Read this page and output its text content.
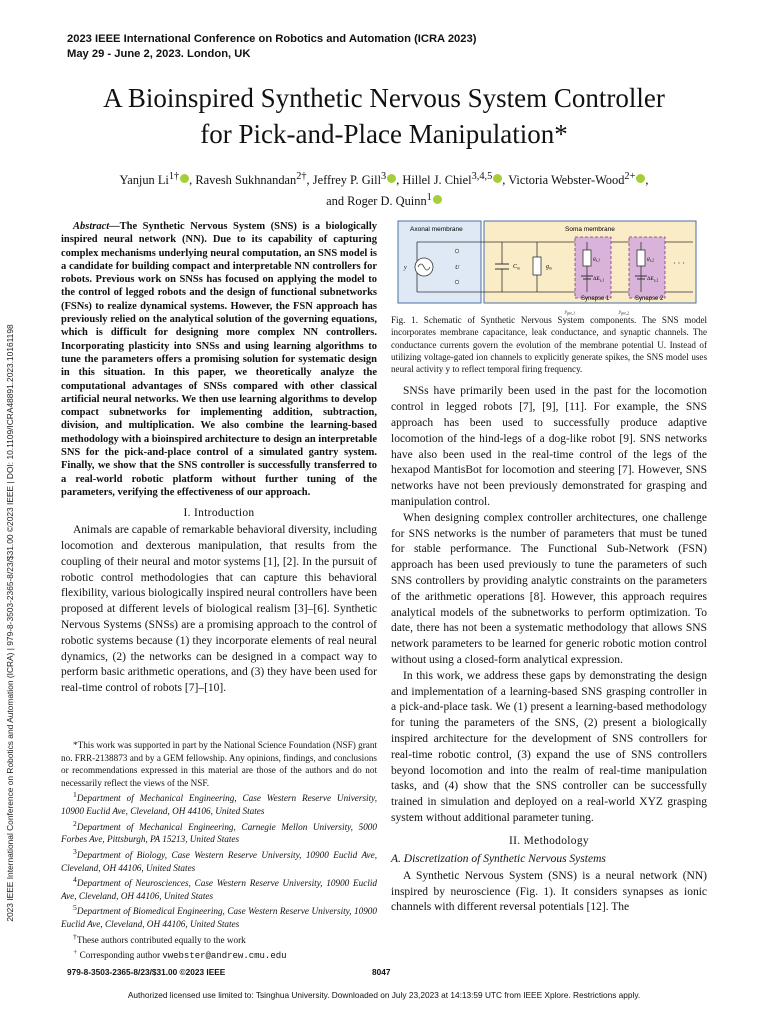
2023 IEEE International Conference on Robotics and Automation (ICRA 2023)
May 29 - June 2, 2023. London, UK
A Bioinspired Synthetic Nervous System Controller
for Pick-and-Place Manipulation*
Yanjun $Li^{1\dagger}$ , Ravesh Sukhnandan$^{2\dagger}$, Jeffrey P. Gill$^3$ , Hillel J. Chiel$^{3,4,5}$ , Victoria Webster-Wood$^{2+}$ ,
and Roger D. Quinn$^1$
2023 IEEE International Conference on Robotics and Automation (ICRA) | 979-8-3503-2365-8/23/$31.00 ©2023 IEEE | DOI: 10.1109/ICRA48891.2023.10161198

Abstract—The Synthetic Nervous System (SNS) is a biologically inspired neural network (NN). Due to its capability of capturing complex mechanisms underlying neural computation, an SNS model is a candidate for building compact and interpretable NN controllers for robots. Previous work on SNSs has focused on applying the model to the control of legged robots and the design of functional subnetworks (FSNs) to realize dynamical systems. However, the FSN approach has previously relied on the analytical solution of the governing equations, which is difficult for designing more complex NN controllers. Incorporating plasticity into SNSs and using learning algorithms to tune the parameters offers a promising solution for systematic design in this situation. In this paper, we theoretically analyze the computational advantages of SNSs compared with other classical artificial neural networks. We then use learning algorithms to develop compact subnetworks for implementing addition, subtraction, division, and multiplication. We also combine the learning-based methodology with a bioinspired architecture to design an interpretable SNS for the pick-and-place control of a simulated gantry system. Finally, we show that the SNS controller is successfully transferred to a real-world robotic platform without further tuning of the parameters, verifying the effectiveness of our approach.

I. Introduction

Animals are capable of remarkable behavioral diversity, including locomotion and dexterous manipulation, that results from the coupling of their neural and motor systems [1], [2]. In the pursuit of robotic control methodologies that can capture this behavioral flexibility, various biologically inspired neural controllers have been proposed at different levels of biological realism [3]–[6]. Synthetic Nervous Systems (SNSs) are a promising approach to the control of robotic systems because (1) they incorporate elements of real neural dynamics, (2) the networks can be designed in a compact way to perform basic arithmetic operations, and (3) they have been used for real-time control of robots [7]–[10].

*This work was supported in part by the National Science Foundation (NSF) grant no. FRR-2138873 and by a GEM fellowship. Any opinions, findings, and conclusions or recommendations expressed in this material are those of the authors and do not necessarily reflect the views of the NSF.

$^1$Department of Mechanical Engineering, Case Western Reserve University, 10900 Euclid Ave, Cleveland, OH 44106, United States

$^2$Department of Mechanical Engineering, Carnegie Mellon University, 5000 Forbes Ave, Pittsburgh, PA 15213, United States

$^3$Department of Biology, Case Western Reserve University, 10900 Euclid Ave, Cleveland, OH 44106, United States

$^4$Department of Neurosciences, Case Western Reserve University, 10900 Euclid Ave, Cleveland, OH 44106, United States

$^5$Department of Biomedical Engineering, Case Western Reserve University, 10900 Euclid Ave, Cleveland, OH 44106, United States

†These authors contributed equally to the work

+ Corresponding author vwebster@andrew.cmu.edu

Axonal membrane	Soma membrane
y	U	$C_m$	$g_m$
$g_{s,1}$
$\Delta E_{s,1}$
$g_{s,2}$
$\Delta E_{s,2}$
· · ·
Synapse 1	Synapse 2
$y_{pre,1}$	$y_{pre,2}$

Fig. 1. Schematic of Synthetic Nervous System components. The SNS model incorporates membrane capacitance, leak conductance, and synaptic channels. The conductance currents govern the evolution of the membrane potential U. Instead of utilizing voltage-gated ion channels to explicitly generate spikes, the SNS model uses neural activity y to reflect temporal firing frequency.

SNSs have primarily been used in the past for the locomotion control in legged robots [7], [9], [11]. For example, the SNS approach has been used to successfully produce adaptive locomotion of the hind-legs of a dog-like robot [9]. SNS networks have also been used in the real-time control of the legs of the hexapod MantisBot for locomotion and steering [7]. However, SNS networks have not been previously demonstrated for grasping and manipulation control.

When designing complex controller architectures, one challenge for SNS networks is the number of parameters that must be tuned for stable performance. The Functional Sub-Network (FSN) approach has been used previously to tune the parameters of such SNS controllers by providing analytic constraints on the parameters of the arithmetic operations [8]. However, this approach requires analytical models of the subnetworks to perform optimization. To date, there has not been a systematic methodology that allows SNS network parameters to be learned for generic robotic motion control without using a closed-form analytical expression.

In this work, we address these gaps by demonstrating the design and implementation of a learning-based SNS grasping controller in a pick-and-place task. We (1) present a learning-based methodology for tuning the parameters of the SNS, (2) present a biologically inspired architecture for the development of SNS controllers for real-time robotic control, (3) expand the use of SNS controllers beyond locomotion and into the realm of real-time manipulation tasks, and (4) show that the SNS controller can be successfully trained in simulation and deployed on a real-world XYZ grasping system without additional parameter tuning.

II. Methodology
A. Discretization of Synthetic Nervous Systems

A Synthetic Nervous System (SNS) is a neural network (NN) inspired by neuroscience (Fig. 1). It considers synapses as ionic channels with different reversal potentials [12]. The

979-8-3503-2365-8/23/$31.00 ©2023 IEEE	8047
Authorized licensed use limited to: Tsinghua University. Downloaded on July 23,2023 at 14:13:59 UTC from IEEE Xplore. Restrictions apply.
